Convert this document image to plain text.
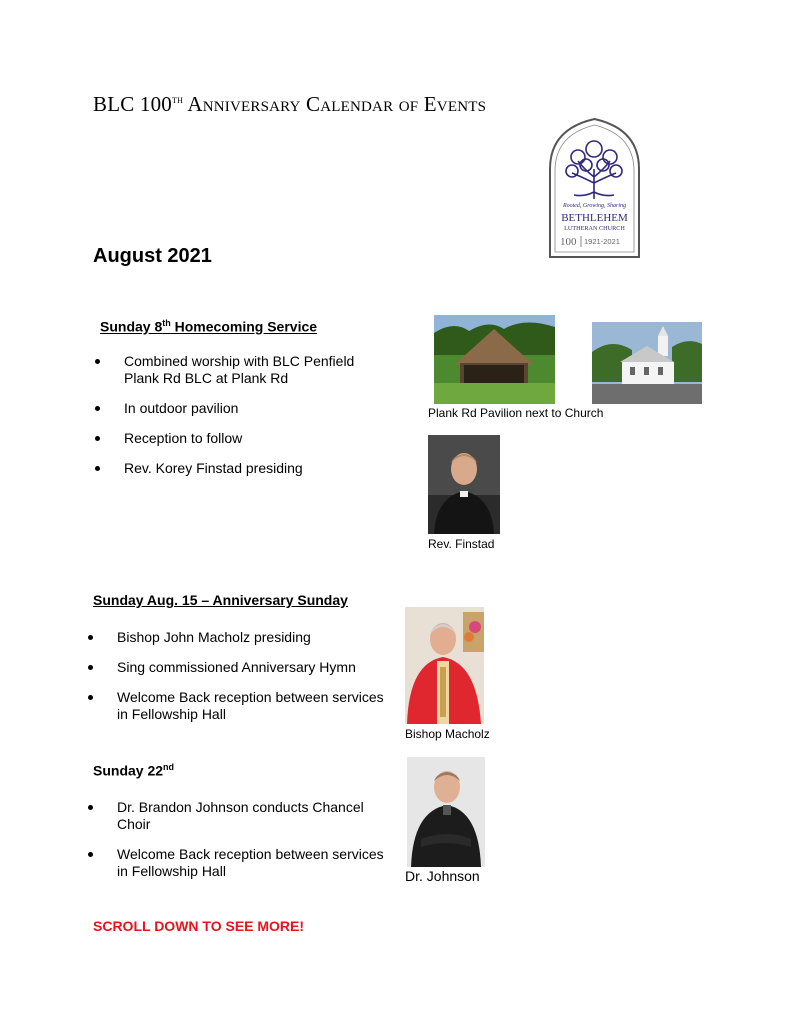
BLC 100th Anniversary Calendar of Events
Rooted, Growing, Sharing
BETHLEHEM
LUTHERAN CHURCH
100 1921-2021
August 2021
Sunday 8th Homecoming Service
Combined worship with BLC Penfield Plank Rd BLC at Plank Rd
In outdoor pavilion
Reception to follow
Rev. Korey Finstad presiding
Plank Rd Pavilion next to Church
Rev. Finstad
Sunday Aug. 15 – Anniversary Sunday
Bishop John Macholz presiding
Sing commissioned Anniversary Hymn
Welcome Back reception between services in Fellowship Hall
Bishop Macholz
Sunday 22nd
Dr. Brandon Johnson conducts Chancel Choir
Welcome Back reception between services in Fellowship Hall	Dr. Johnson
SCROLL DOWN TO SEE MORE!
